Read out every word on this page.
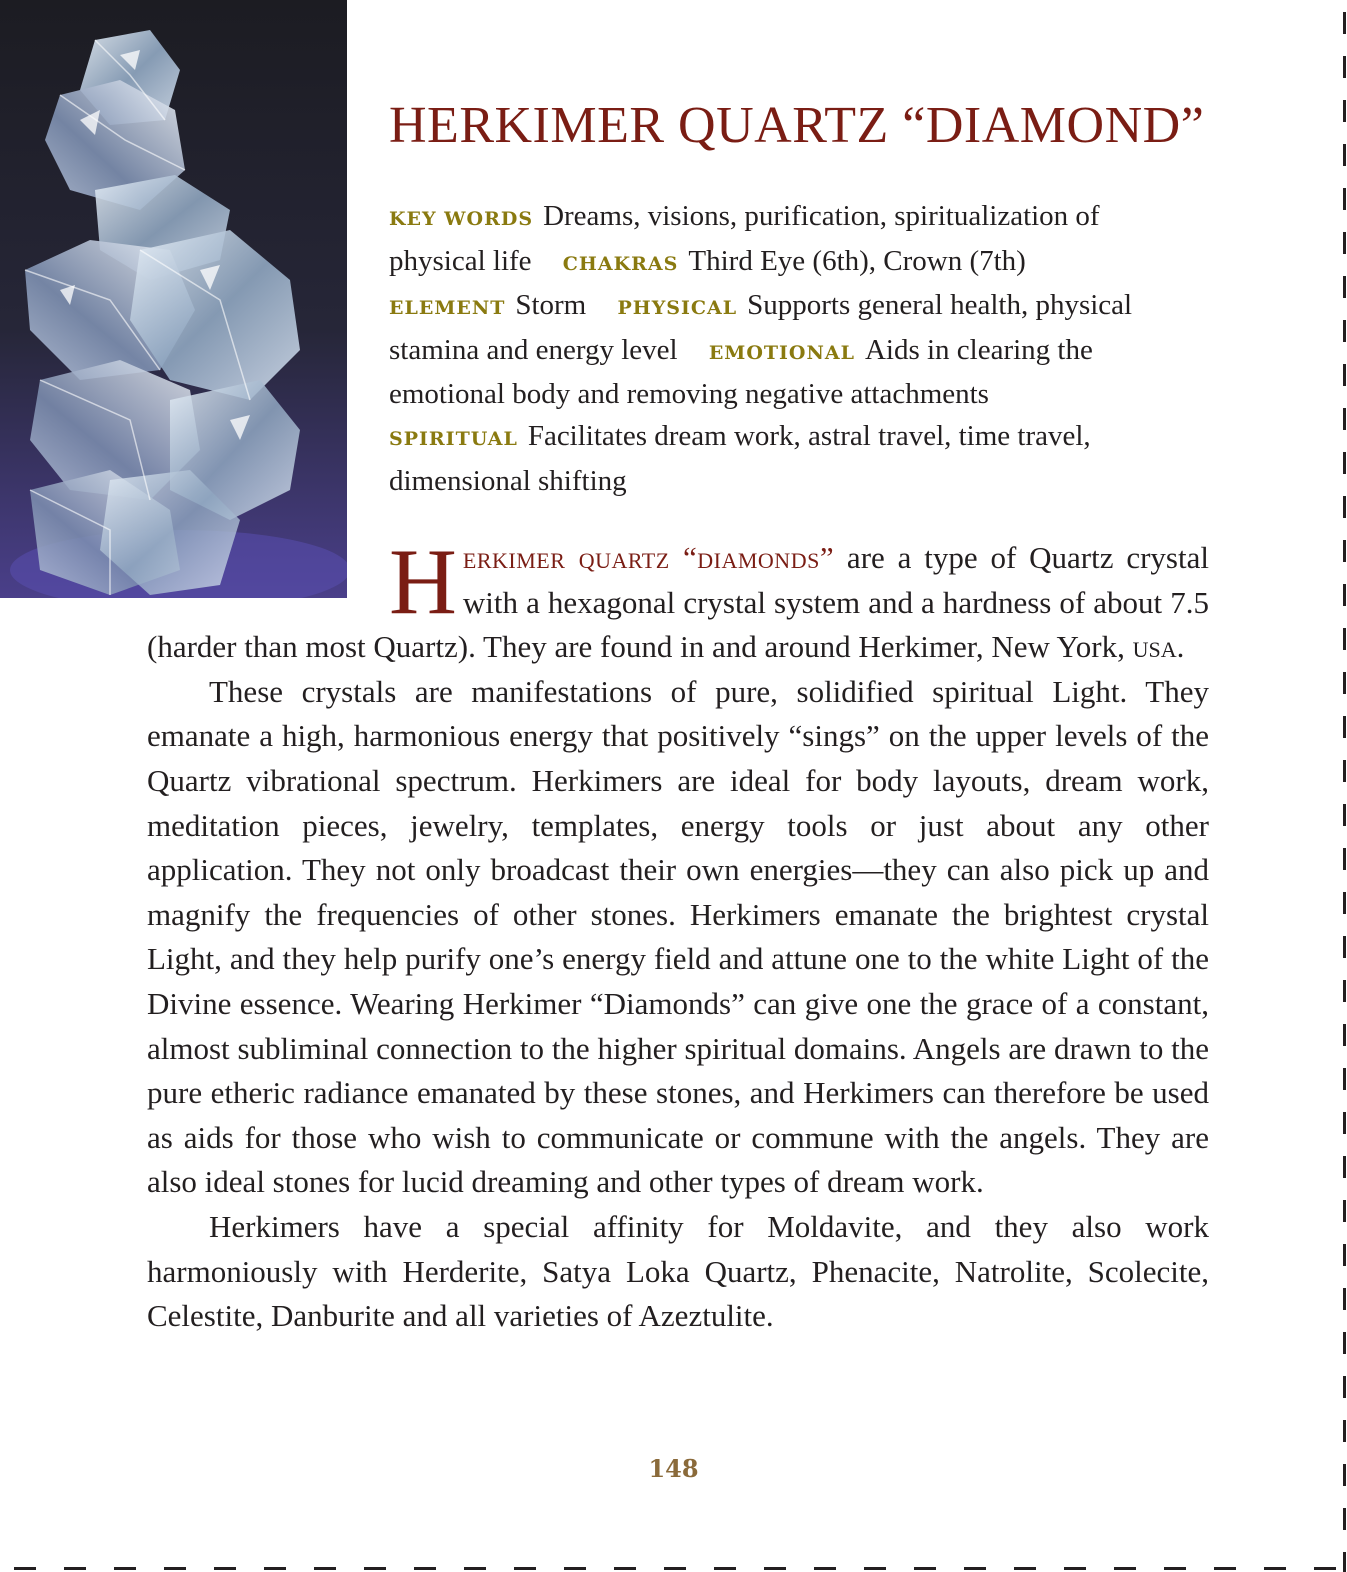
HERKIMER QUARTZ “DIAMOND”
KEY WORDS Dreams, visions, purification, spiritualization of physical life CHAKRAS Third Eye (6th), Crown (7th)
ELEMENT Storm PHYSICAL Supports general health, physical stamina and energy level EMOTIONAL Aids in clearing the emotional body and removing negative attachments
SPIRITUAL Facilitates dream work, astral travel, time travel, dimensional shifting

Herkimer quartz “diamonds” are a type of Quartz crystal with a hexagonal crystal system and a hardness of about 7.5 (harder than most Quartz). They are found in and around Herkimer, New York, usa.

These crystals are manifestations of pure, solidified spiritual Light. They emanate a high, harmonious energy that positively “sings” on the upper levels of the Quartz vibrational spectrum. Herkimers are ideal for body layouts, dream work, meditation pieces, jewelry, templates, energy tools or just about any other application. They not only broadcast their own energies—they can also pick up and magnify the frequencies of other stones. Herkimers emanate the brightest crystal Light, and they help purify one’s energy field and attune one to the white Light of the Divine essence. Wearing Herkimer “Diamonds” can give one the grace of a constant, almost subliminal connection to the higher spiritual domains. Angels are drawn to the pure etheric radiance emanated by these stones, and Herkimers can therefore be used as aids for those who wish to communicate or commune with the angels. They are also ideal stones for lucid dreaming and other types of dream work.

Herkimers have a special affinity for Moldavite, and they also work harmoniously with Herderite, Satya Loka Quartz, Phenacite, Natrolite, Scolecite, Celestite, Danburite and all varieties of Azeztulite.

148
